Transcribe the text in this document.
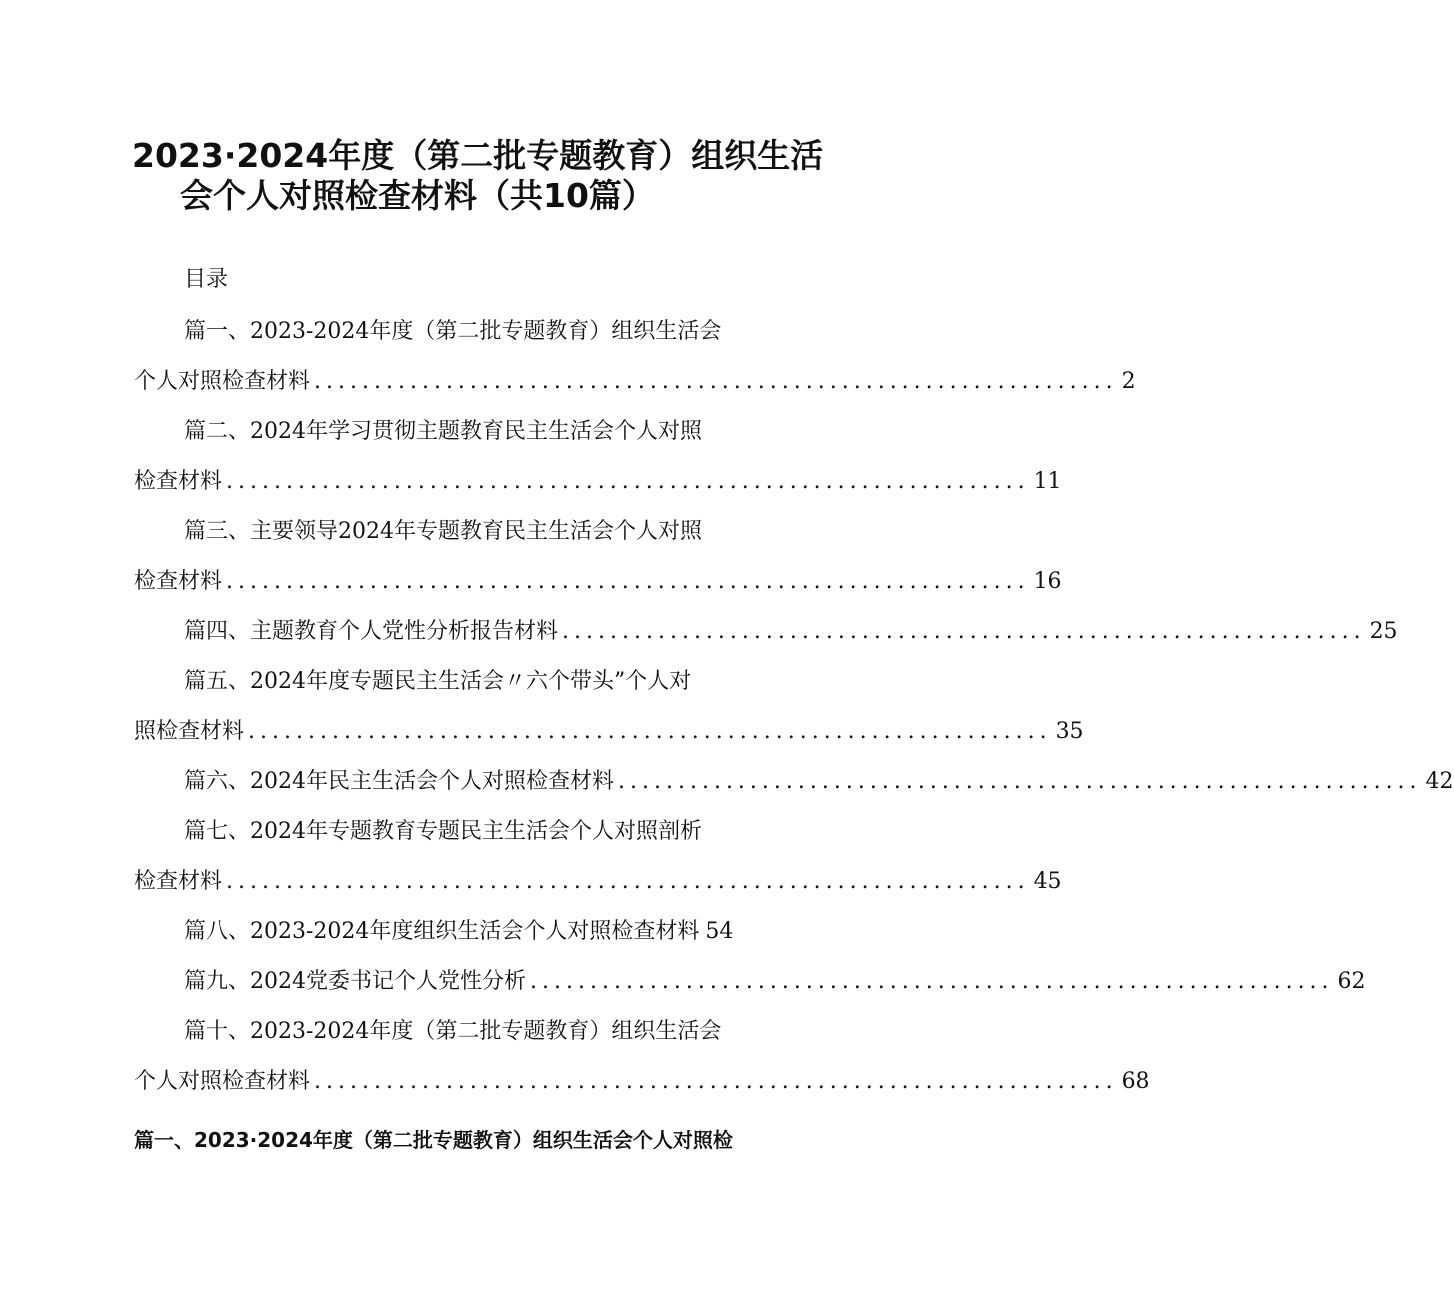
2023·2024年度（第二批专题教育）组织生活
会个人对照检查材料（共10篇）
目录
篇一、2023-2024年度（第二批专题教育）组织生活会
个人对照检查材料 ................................................................... 2
篇二、2024年学习贯彻主题教育民主生活会个人对照
检查材料 ................................................................... 11
篇三、主要领导2024年专题教育民主生活会个人对照
检查材料 ................................................................... 16
篇四、主题教育个人党性分析报告材料 ................................................................... 25
篇五、2024年度专题民主生活会〃六个带头”个人对
照检查材料 ................................................................... 35
篇六、2024年民主生活会个人对照检查材料 ................................................................... 42
篇七、2024年专题教育专题民主生活会个人对照剖析
检查材料 ................................................................... 45
篇八、2023-2024年度组织生活会个人对照检查材料 54
篇九、2024党委书记个人党性分析 ................................................................... 62
篇十、2023-2024年度（第二批专题教育）组织生活会
个人对照检查材料 ................................................................... 68
篇一、2023·2024年度（第二批专题教育）组织生活会个人对照检
